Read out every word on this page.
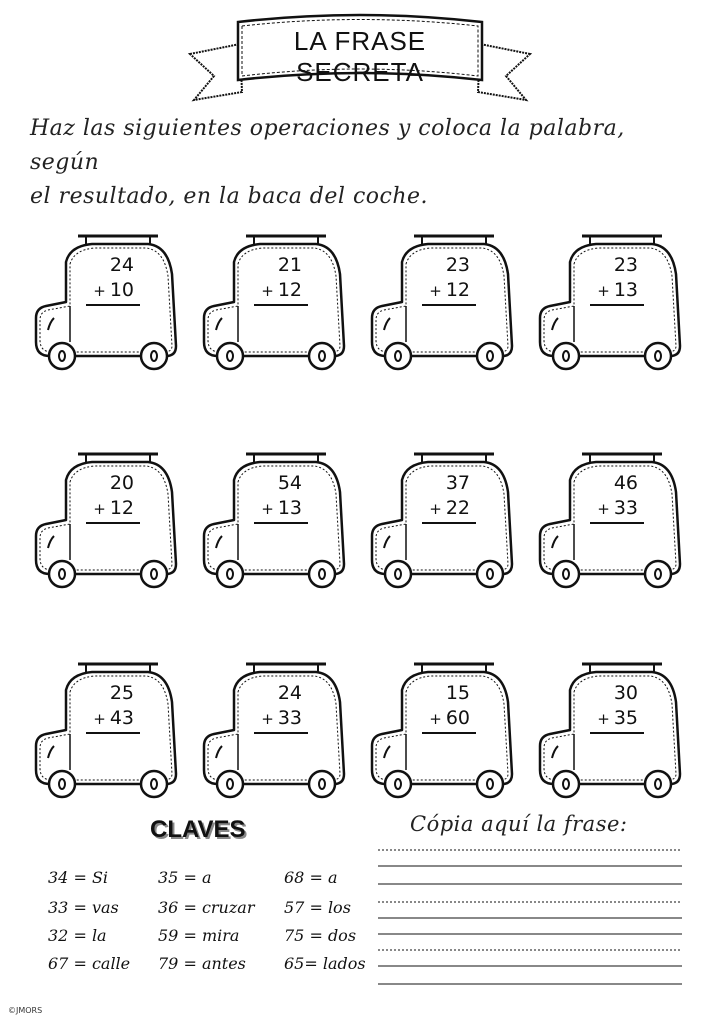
LA FRASE SECRETA
Haz las siguientes operaciones y coloca la palabra, según
el resultado, en la baca del coche.
24
+ 10
21
+ 12
23
+ 12
23
+ 13
20
+ 12
54
+ 13
37
+ 22
46
+ 33
25
+ 43
24
+ 33
15
+ 60
30
+ 35
CLAVES
34 = Si	35 = a	68 = a
33 = vas 36 = cruzar 57 = los
32 = la	59 = mira	75 = dos
67 = calle 79 = antes 65= lados
Cópia aquí la frase:
©JMORS
